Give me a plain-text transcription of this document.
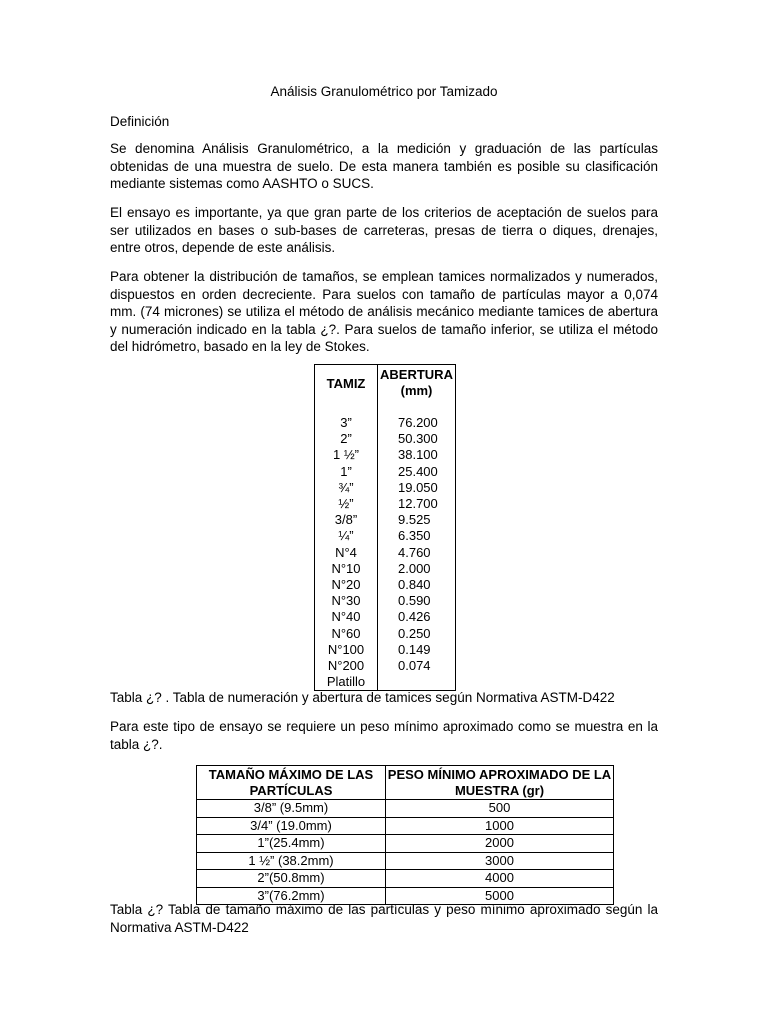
Análisis Granulométrico por Tamizado

Definición

Se denomina Análisis Granulométrico, a la medición y graduación de las partículas obtenidas de una muestra de suelo. De esta manera también es posible su clasificación mediante sistemas como AASHTO o SUCS.

El ensayo es importante, ya que gran parte de los criterios de aceptación de suelos para ser utilizados en bases o sub-bases de carreteras, presas de tierra o diques, drenajes, entre otros, depende de este análisis.

Para obtener la distribución de tamaños, se emplean tamices normalizados y numerados, dispuestos en orden decreciente. Para suelos con tamaño de partículas mayor a 0,074 mm. (74 micrones) se utiliza el método de análisis mecánico mediante tamices de abertura y numeración indicado en la tabla ¿?. Para suelos de tamaño inferior, se utiliza el método del hidrómetro, basado en la ley de Stokes.

TAMIZ	ABERTURA (mm)

3”	76.200
2”	50.300
1 ½”	38.100
1”	25.400
¾”	19.050
½”	12.700
3/8”	9.525
¼”	6.350
N°4	4.760
N°10	2.000
N°20	0.840
N°30	0.590
N°40	0.426
N°60	0.250
N°100	0.149
N°200	0.074
Platillo	

Tabla ¿? . Tabla de numeración y abertura de tamices según Normativa ASTM-D422

Para este tipo de ensayo se requiere un peso mínimo aproximado como se muestra en la tabla ¿?.

TAMAÑO MÁXIMO DE LAS PARTÍCULAS	PESO MÍNIMO APROXIMADO DE LA MUESTRA (gr)
3/8” (9.5mm)	500
3/4” (19.0mm)	1000
1”(25.4mm)	2000
1 ½” (38.2mm)	3000
2”(50.8mm)	4000
3”(76.2mm)	5000

Tabla ¿? Tabla de tamaño máximo de las partículas y peso mínimo aproximado según la Normativa ASTM-D422
